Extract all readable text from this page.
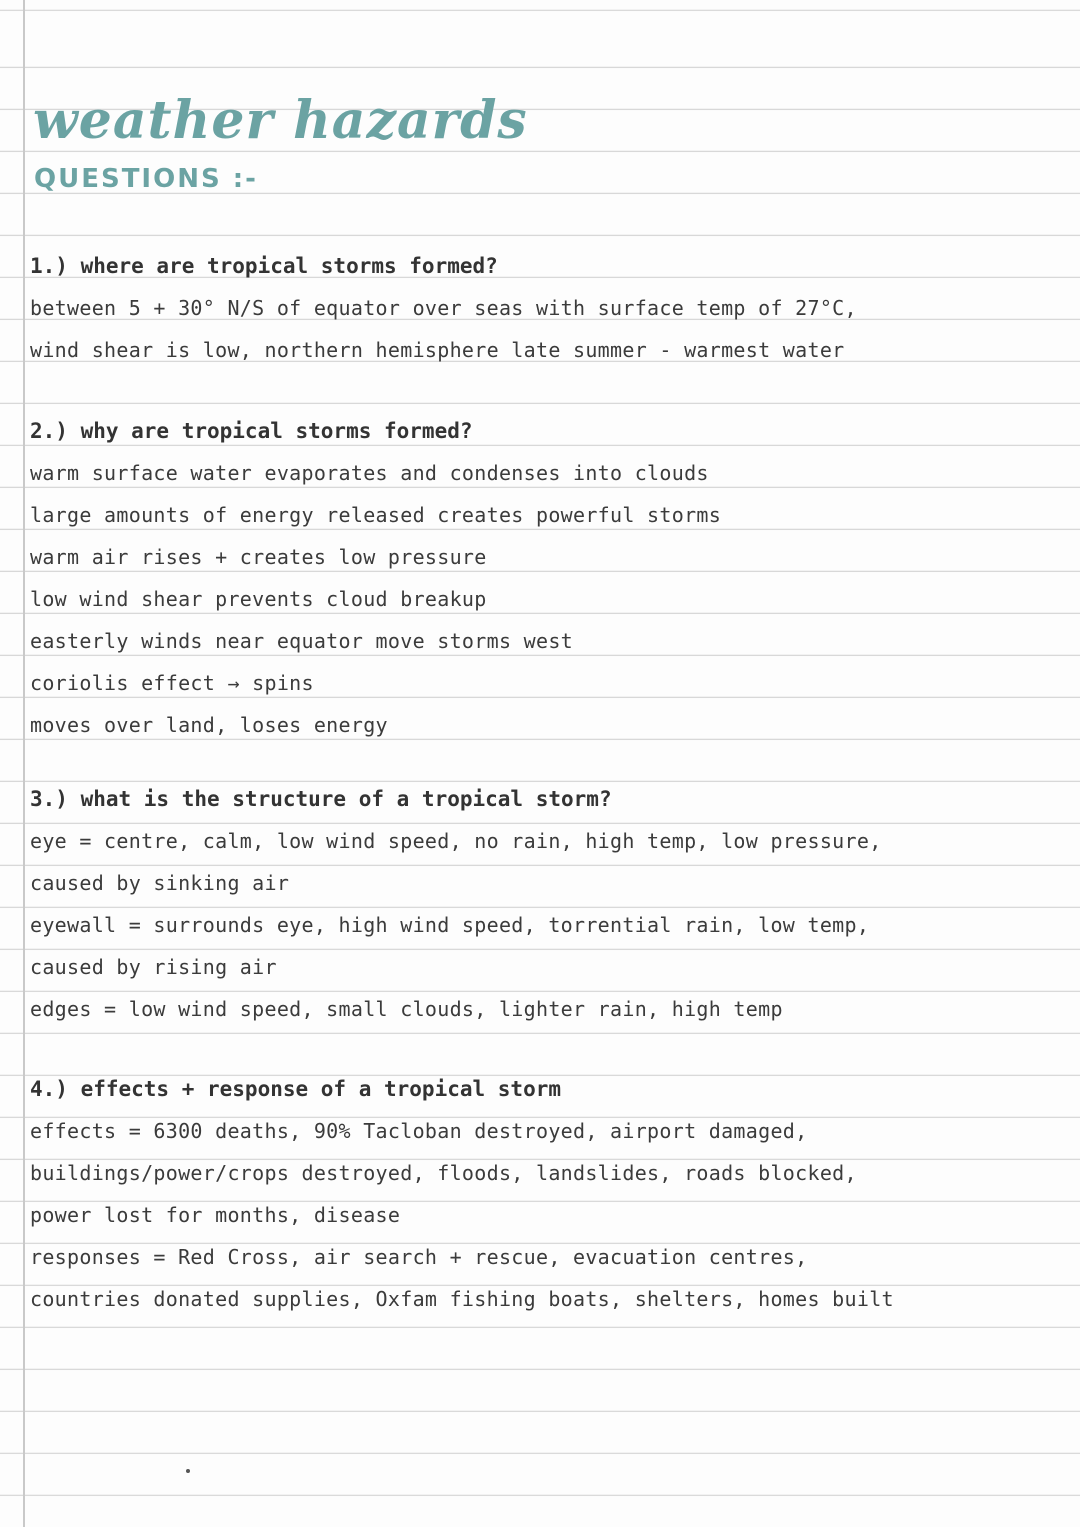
weather hazards
QUESTIONS :-
1.) where are tropical storms formed?
between 5 + 30° N/S of equator over seas with surface temp of 27°C,
wind shear is low, northern hemisphere late summer - warmest water
2.) why are tropical storms formed?
warm surface water evaporates and condenses into clouds
large amounts of energy released creates powerful storms
warm air rises + creates low pressure
low wind shear prevents cloud breakup
easterly winds near equator move storms west
coriolis effect → spins
moves over land, loses energy
3.) what is the structure of a tropical storm?
eye = centre, calm, low wind speed, no rain, high temp, low pressure,
caused by sinking air
eyewall = surrounds eye, high wind speed, torrential rain, low temp,
caused by rising air
edges = low wind speed, small clouds, lighter rain, high temp
4.) effects + response of a tropical storm
effects = 6300 deaths, 90% Tacloban destroyed, airport damaged,
buildings/power/crops destroyed, floods, landslides, roads blocked,
power lost for months, disease
responses = Red Cross, air search + rescue, evacuation centres,
countries donated supplies, Oxfam fishing boats, shelters, homes built
